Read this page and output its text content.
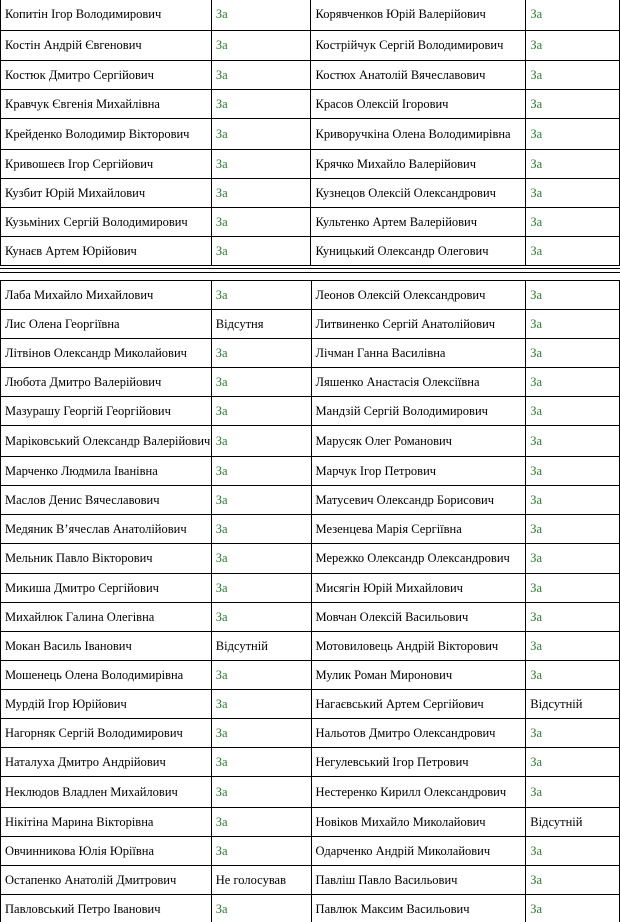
Копитін Ігор Володимирович	За	Корявченков Юрій Валерійович	За
Костін Андрій Євгенович	За	Кострійчук Сергій Володимирович	За
Костюк Дмитро Сергійович	За	Костюх Анатолій Вячеславович	За
Кравчук Євгенія Михайлівна	За	Красов Олексій Ігорович	За
Крейденко Володимир Вікторович	За	Криворучкіна Олена Володимирівна	За
Кривошеєв Ігор Сергійович	За	Крячко Михайло Валерійович	За
Кузбит Юрій Михайлович	За	Кузнецов Олексій Олександрович	За
Кузьміних Сергій Володимирович	За	Культенко Артем Валерійович	За
Кунаєв Артем Юрійович	За	Куницький Олександр Олегович	За
Лаба Михайло Михайлович	За	Леонов Олексій Олександрович	За
Лис Олена Георгіївна	Відсутня	Литвиненко Сергій Анатолійович	За
Літвінов Олександр Миколайович	За	Лічман Ганна Василівна	За
Любота Дмитро Валерійович	За	Ляшенко Анастасія Олексіївна	За
Мазурашу Георгій Георгійович	За	Мандзій Сергій Володимирович	За
Маріковський Олександр Валерійович	За	Марусяк Олег Романович	За
Марченко Людмила Іванівна	За	Марчук Ігор Петрович	За
Маслов Денис Вячеславович	За	Матусевич Олександр Борисович	За
Медяник В’ячеслав Анатолійович	За	Мезенцева Марія Сергіївна	За
Мельник Павло Вікторович	За	Мережко Олександр Олександрович	За
Микиша Дмитро Сергійович	За	Мисягін Юрій Михайлович	За
Михайлюк Галина Олегівна	За	Мовчан Олексій Васильович	За
Мокан Василь Іванович	Відсутній	Мотовиловець Андрій Вікторович	За
Мошенець Олена Володимирівна	За	Мулик Роман Миронович	За
Мурдій Ігор Юрійович	За	Нагаєвський Артем Сергійович	Відсутній
Нагорняк Сергій Володимирович	За	Нальотов Дмитро Олександрович	За
Наталуха Дмитро Андрійович	За	Негулевський Ігор Петрович	За
Неклюдов Владлен Михайлович	За	Нестеренко Кирилл Олександрович	За
Нікітіна Марина Вікторівна	За	Новіков Михайло Миколайович	Відсутній
Овчинникова Юлія Юріївна	За	Одарченко Андрій Миколайович	За
Остапенко Анатолій Дмитрович	Не голосував	Павліш Павло Васильович	За
Павловський Петро Іванович	За	Павлюк Максим Васильович	За
